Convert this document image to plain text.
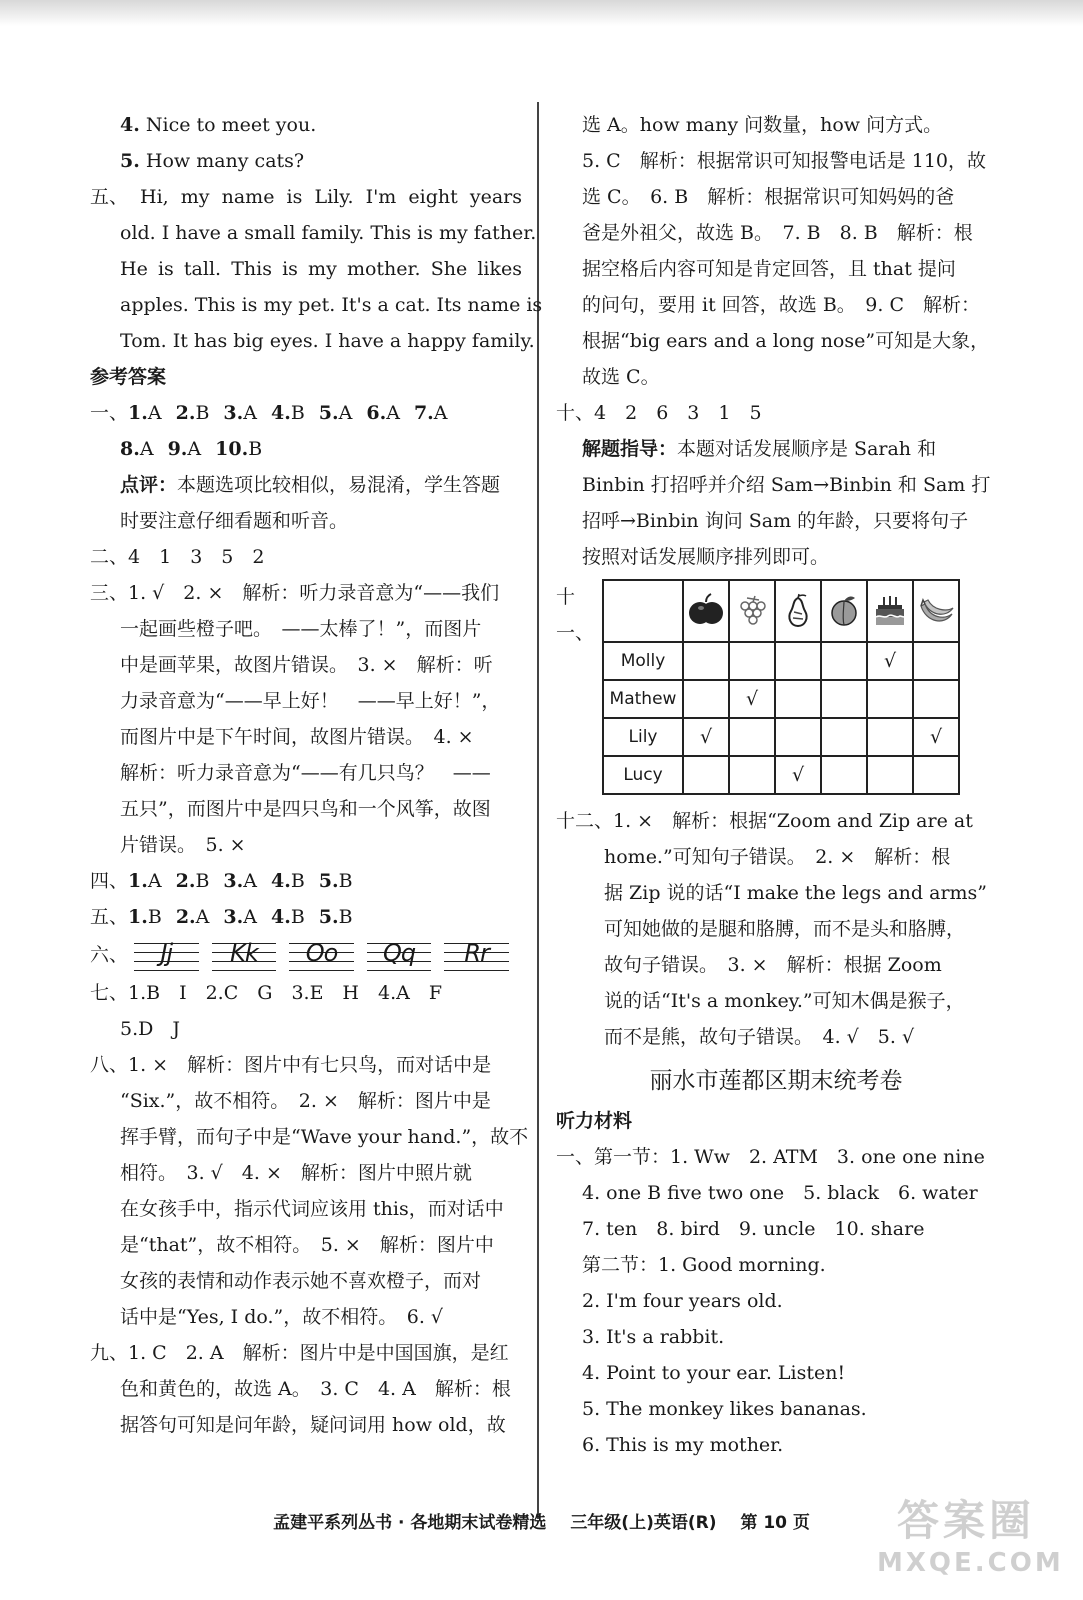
4. Nice to meet you.
5. How many cats?
五、 Hi, my name is Lily. I'm eight years
old. I have a small family. This is my father.
He is tall. This is my mother. She likes
apples. This is my pet. It's a cat. Its name is
Tom. It has big eyes. I have a happy family.
参考答案
一、1.A 2.B 3.A 4.B 5.A 6.A 7.A
8.A 9.A 10.B
点评：本题选项比较相似，易混淆，学生答题
时要注意仔细看题和听音。
二、4　1　3　5　2
三、1. √　2. ×　解析：听力录音意为“——我们
一起画些橙子吧。　——太棒了！”，而图片
中是画苹果，故图片错误。　3. ×　解析：听
力录音意为“——早上好！　——早上好！”，
而图片中是下午时间，故图片错误。　4. ×
解析：听力录音意为“——有几只鸟？　——
五只”，而图片中是四只鸟和一个风筝，故图
片错误。　5. ×
四、1.A 2.B 3.A 4.B 5.B
五、1.B 2.A 3.A 4.B 5.B
六、	Jj	Kk	Oo	Qq	Rr
七、1.B　I　2.C　G　3.E　H　4.A　F
5.D　J
八、1. ×　解析：图片中有七只鸟，而对话中是
“Six.”，故不相符。　2. ×　解析：图片中是
挥手臂，而句子中是“Wave your hand.”，故不
相符。　3. √　4. ×　解析：图片中照片就
在女孩手中，指示代词应该用 this，而对话中
是“that”，故不相符。　5. ×　解析：图片中
女孩的表情和动作表示她不喜欢橙子，而对
话中是“Yes, I do.”，故不相符。　6. √
九、1. C　2. A　解析：图片中是中国国旗，是红
色和黄色的，故选 A。　3. C　4. A　解析：根
据答句可知是问年龄，疑问词用 how old，故
选 A。how many 问数量，how 问方式。
5. C　解析：根据常识可知报警电话是 110，故
选 C。　6. B　解析：根据常识可知妈妈的爸
爸是外祖父，故选 B。　7. B　8. B　解析：根
据空格后内容可知是肯定回答，且 that 提问
的问句，要用 it 回答，故选 B。　9. C　解析：
根据“big ears and a long nose”可知是大象，
故选 C。
十、4　2　6　3　1　5
解题指导：本题对话发展顺序是 Sarah 和
Binbin 打招呼并介绍 Sam→Binbin 和 Sam 打
招呼→Binbin 询问 Sam 的年龄，只要将句子
按照对话发展顺序排列即可。
十一、

Molly					√	
Mathew		√				
Lily	√					√
Lucy			√			
十二、1. ×　解析：根据“Zoom and Zip are at
home.”可知句子错误。　2. ×　解析：根
据 Zip 说的话“I make the legs and arms”
可知她做的是腿和胳膊，而不是头和胳膊，
故句子错误。　3. ×　解析：根据 Zoom
说的话“It's a monkey.”可知木偶是猴子，
而不是熊，故句子错误。　4. √　5. √
丽水市莲都区期末统考卷
听力材料
一、第一节：1. Ww　2. ATM　3. one one nine
4. one B five two one　5. black　6. water
7. ten　8. bird　9. uncle　10. share
第二节：1. Good morning.
2. I'm four years old.
3. It's a rabbit.
4. Point to your ear. Listen!
5. The monkey likes bananas.
6. This is my mother.
孟建平系列丛书 · 各地期末试卷精选 三年级(上)英语(R) 第 10 页	答案圈
MXQE.COM
